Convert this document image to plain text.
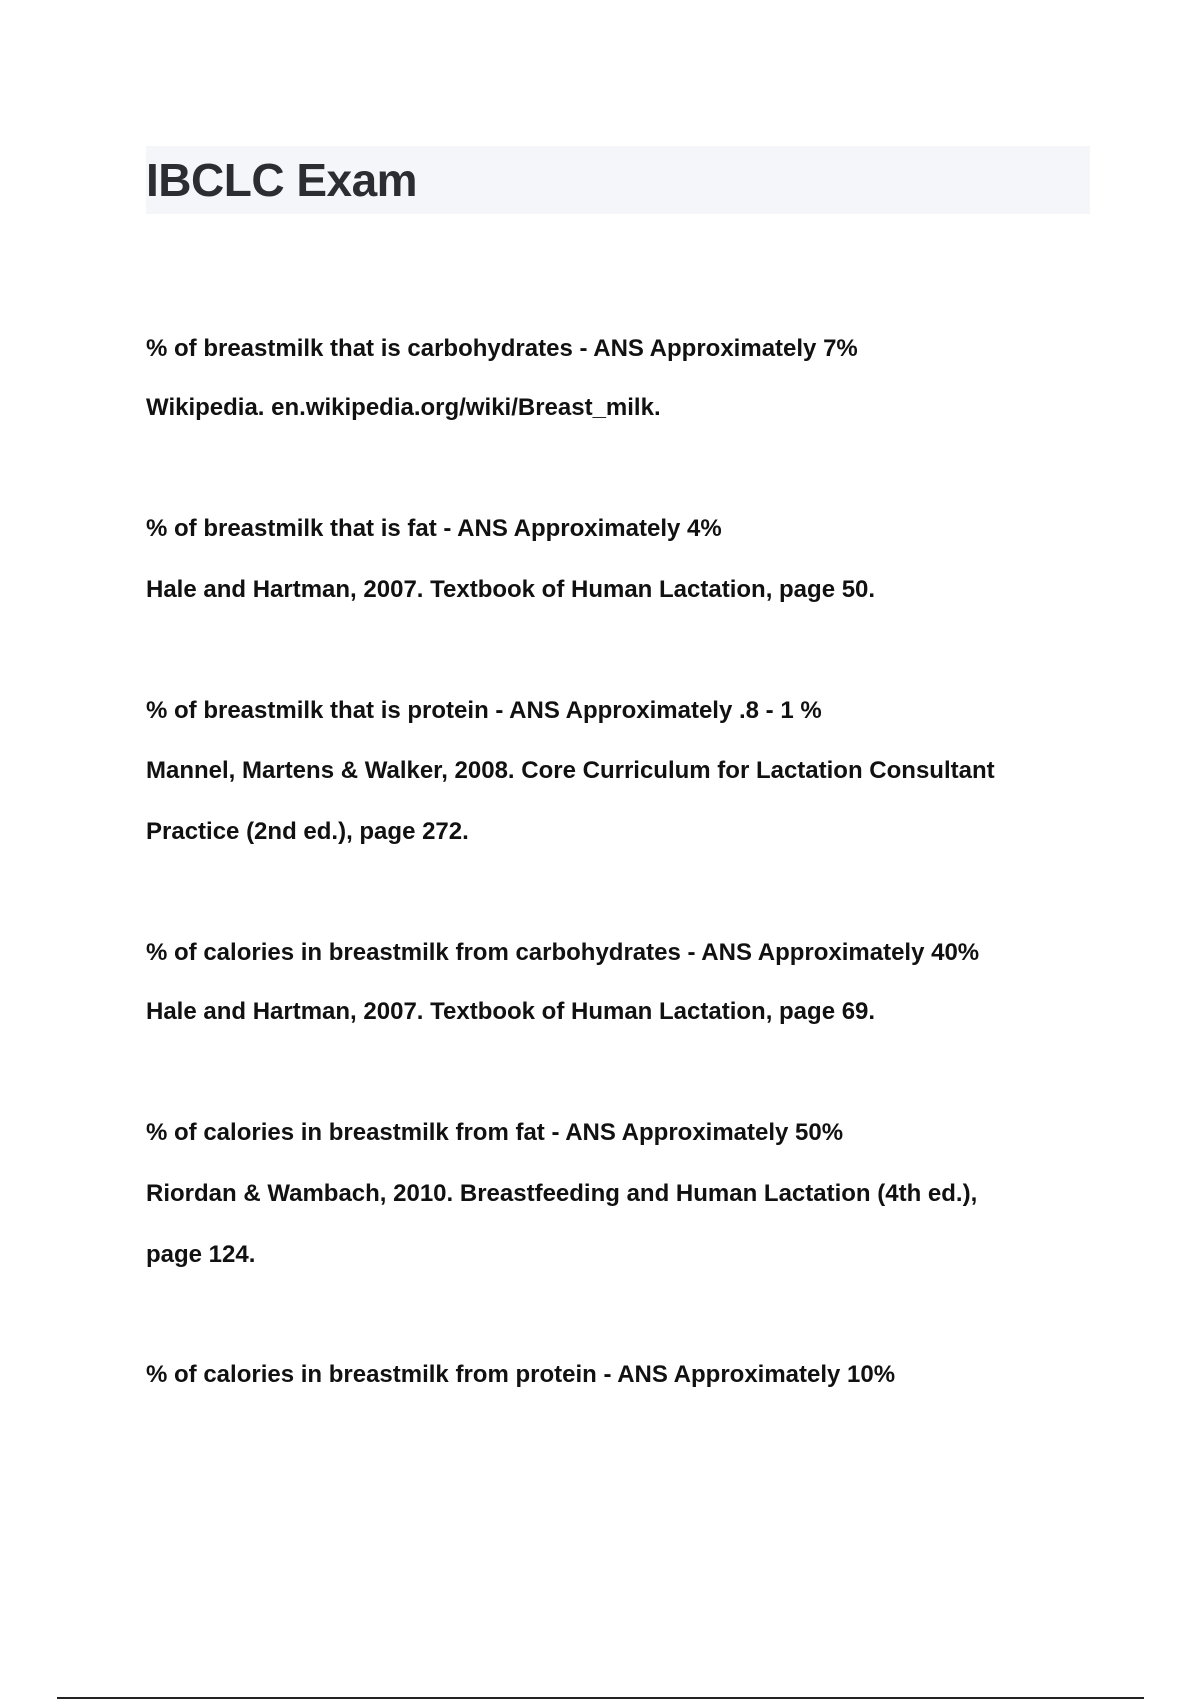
IBCLC Exam
% of breastmilk that is carbohydrates - ANS Approximately 7%
Wikipedia. en.wikipedia.org/wiki/Breast_milk.
% of breastmilk that is fat - ANS Approximately 4%
Hale and Hartman, 2007. Textbook of Human Lactation, page 50.
% of breastmilk that is protein - ANS Approximately .8 - 1 %
Mannel, Martens & Walker, 2008. Core Curriculum for Lactation Consultant
Practice (2nd ed.), page 272.
% of calories in breastmilk from carbohydrates - ANS Approximately 40%
Hale and Hartman, 2007. Textbook of Human Lactation, page 69.
% of calories in breastmilk from fat - ANS Approximately 50%
Riordan & Wambach, 2010. Breastfeeding and Human Lactation (4th ed.),
page 124.
% of calories in breastmilk from protein - ANS Approximately 10%
